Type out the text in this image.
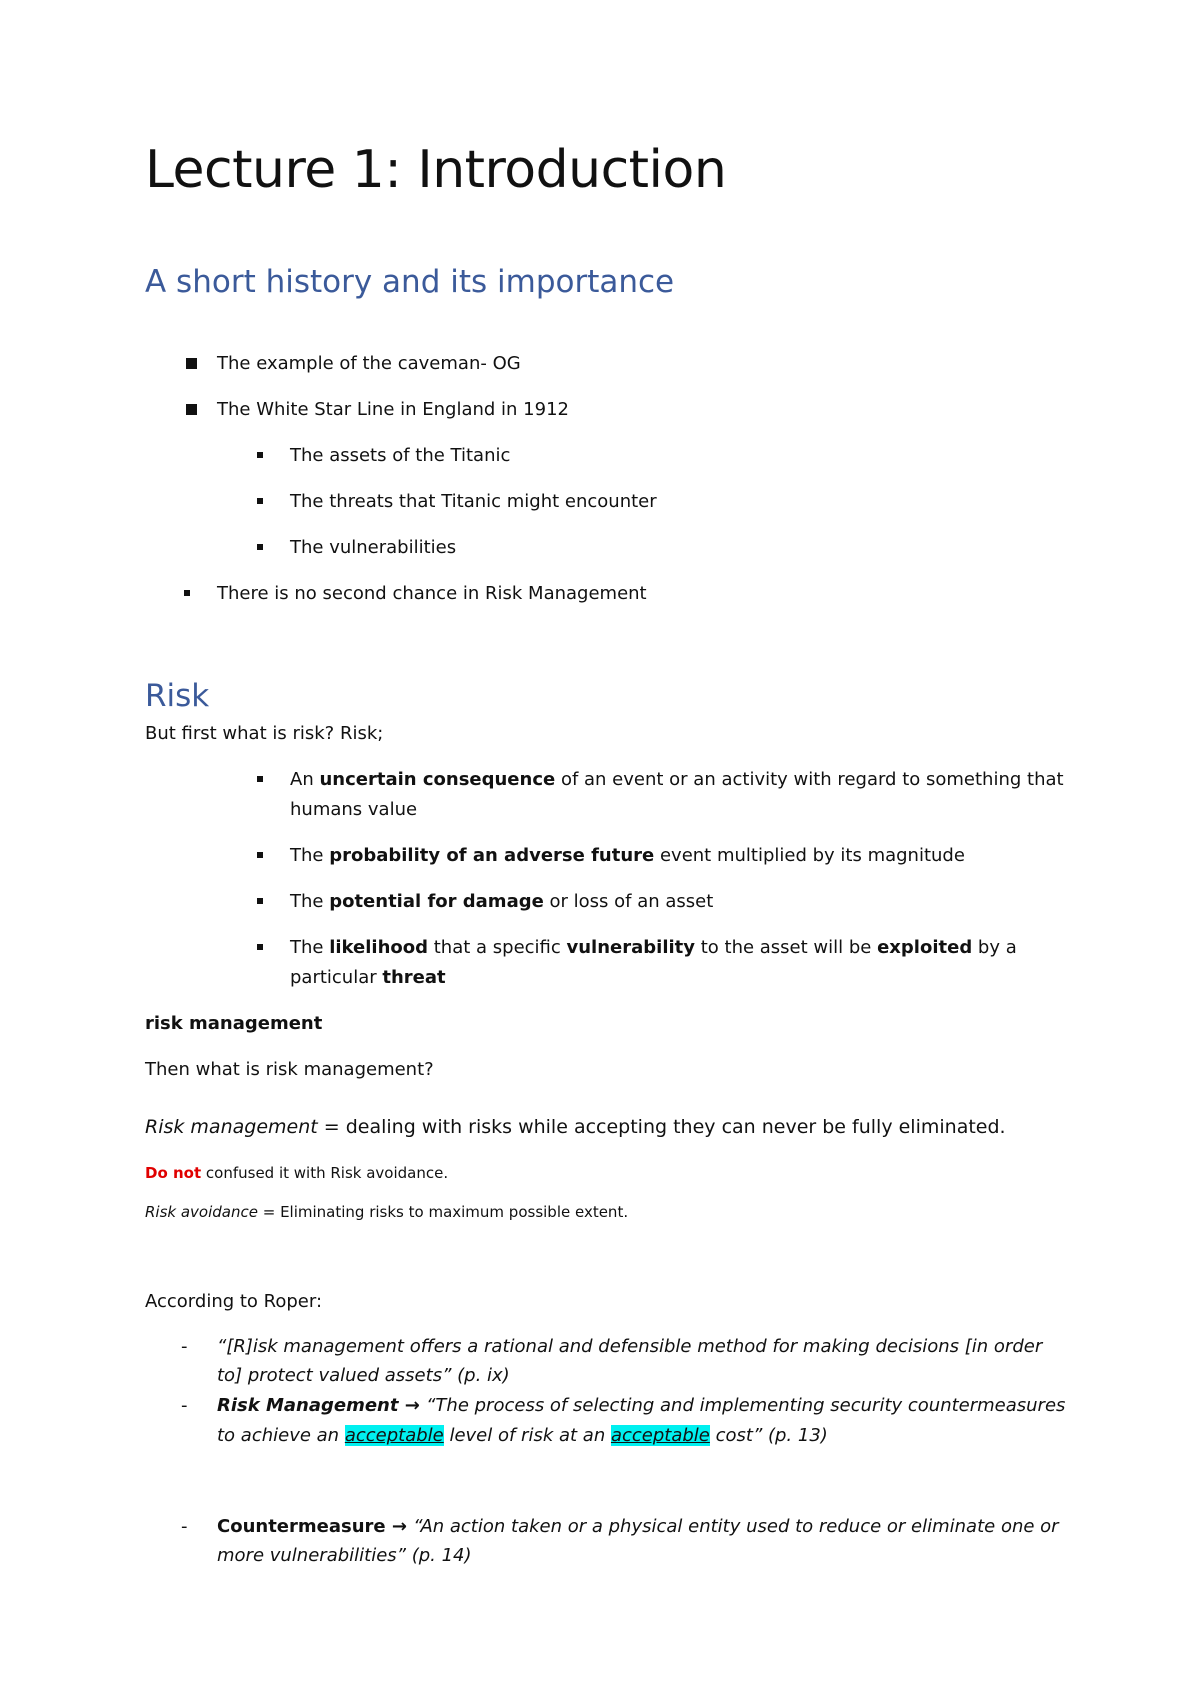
Lecture 1: Introduction
A short history and its importance
The example of the caveman- OG
The White Star Line in England in 1912
The assets of the Titanic
The threats that Titanic might encounter
The vulnerabilities
There is no second chance in Risk Management
Risk
But first what is risk? Risk;
An uncertain consequence of an event or an activity with regard to something that
humans value
The probability of an adverse future event multiplied by its magnitude
The potential for damage or loss of an asset
The likelihood that a specific vulnerability to the asset will be exploited by a
particular threat
risk management
Then what is risk management?
Risk management = dealing with risks while accepting they can never be fully eliminated.
Do not confused it with Risk avoidance.
Risk avoidance = Eliminating risks to maximum possible extent.
According to Roper:
- “[R]isk management offers a rational and defensible method for making decisions [in order
to] protect valued assets” (p. ix)
- Risk Management → “The process of selecting and implementing security countermeasures
to achieve an acceptable level of risk at an acceptable cost” (p. 13)
- Countermeasure → “An action taken or a physical entity used to reduce or eliminate one or
more vulnerabilities” (p. 14)
